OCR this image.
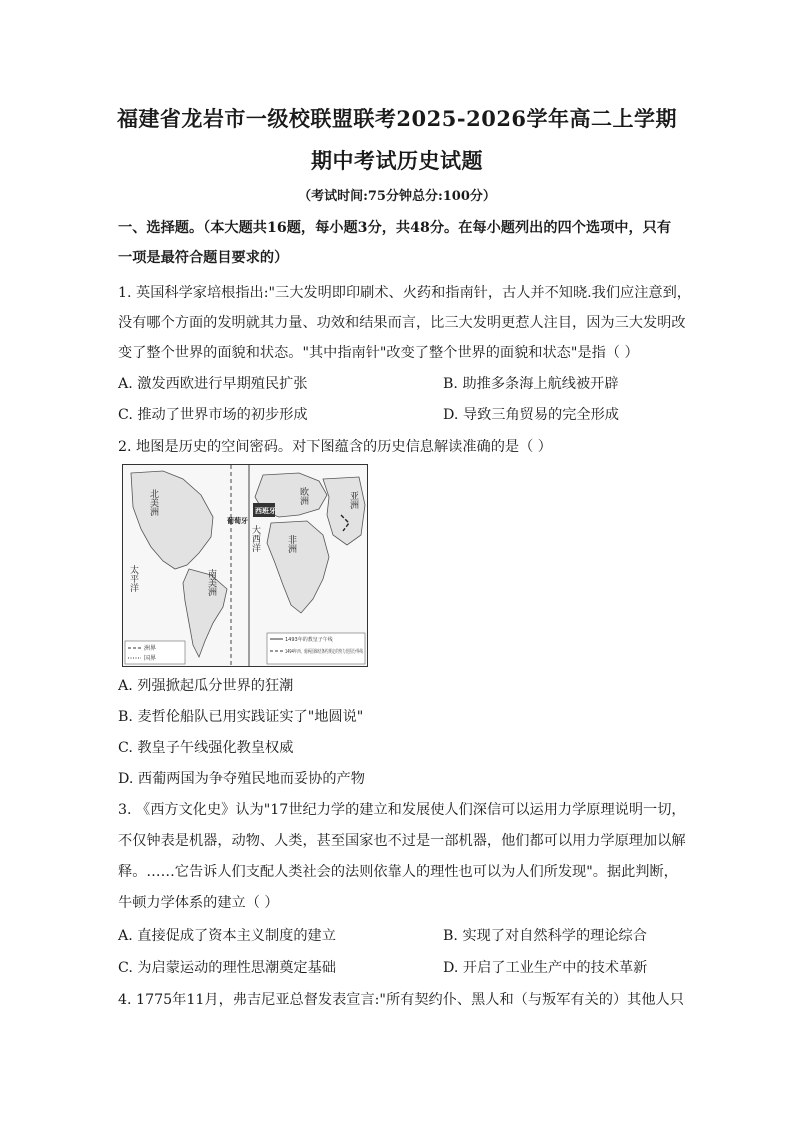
福建省龙岩市一级校联盟联考2025-2026学年高二上学期
期中考试历史试题
（考试时间:75分钟总分:100分）
一、选择题。（本大题共16题，每小题3分，共48分。在每小题列出的四个选项中，只有
一项是最符合题目要求的）
1. 英国科学家培根指出:"三大发明即印刷术、火药和指南针，古人并不知晓.我们应注意到，
没有哪个方面的发明就其力量、功效和结果而言，比三大发明更惹人注目，因为三大发明改
变了整个世界的面貌和状态。"其中指南针"改变了整个世界的面貌和状态"是指（ ）
A. 激发西欧进行早期殖民扩张	B. 助推多条海上航线被开辟
C. 推动了世界市场的初步形成	D. 导致三角贸易的完全形成
2. 地图是历史的空间密码。对下图蕴含的历史信息解读准确的是（ ）
北美洲
太平洋	南美洲
大西洋
欧洲
非洲
亚洲
葡萄牙
西班牙
洲界
国界
1493年的教皇子午线
1494年西、葡两国缔结条约规定的势力范围分界线
A. 列强掀起瓜分世界的狂潮
B. 麦哲伦船队已用实践证实了"地圆说"
C. 教皇子午线强化教皇权威
D. 西葡两国为争夺殖民地而妥协的产物
3. 《西方文化史》认为"17世纪力学的建立和发展使人们深信可以运用力学原理说明一切，
不仅钟表是机器，动物、人类，甚至国家也不过是一部机器，他们都可以用力学原理加以解
释。……它告诉人们支配人类社会的法则依靠人的理性也可以为人们所发现"。据此判断，
牛顿力学体系的建立（ ）
A. 直接促成了资本主义制度的建立	B. 实现了对自然科学的理论综合
C. 为启蒙运动的理性思潮奠定基础	D. 开启了工业生产中的技术革新
4. 1775年11月，弗吉尼亚总督发表宣言:"所有契约仆、黑人和（与叛军有关的）其他人只
